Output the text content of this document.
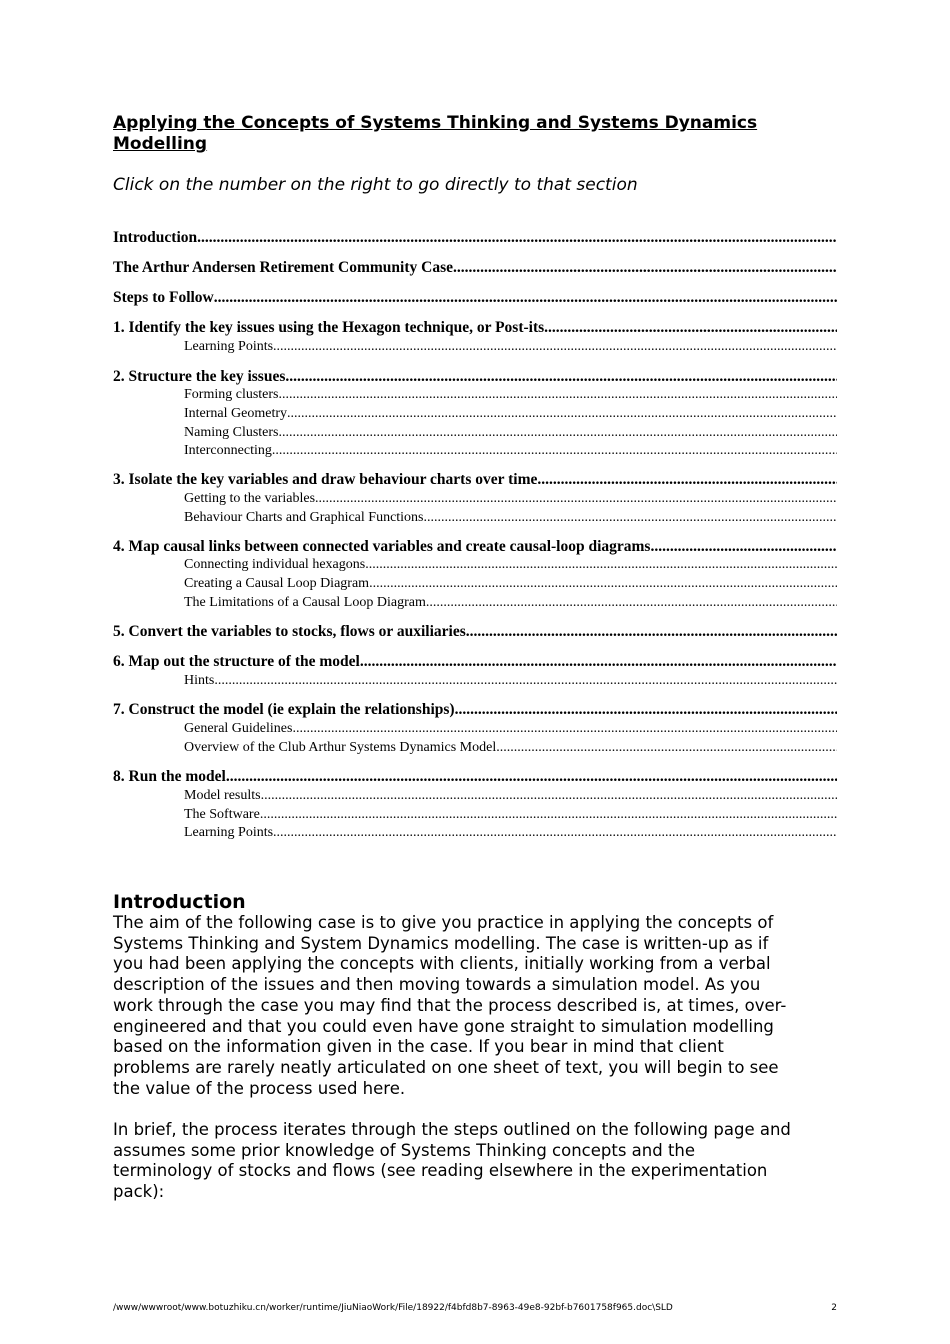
Applying the Concepts of Systems Thinking and Systems Dynamics
Modelling

Click on the number on the right to go directly to that section

Introduction
.....
The Arthur Andersen Retirement Community Case
.....
Steps to Follow
.....
1. Identify the key issues using the Hexagon technique, or Post-its
.....
Learning Points
.....
2. Structure the key issues
.....
Forming clusters
.....
Internal Geometry
.....
Naming Clusters
.....
Interconnecting
.....
3. Isolate the key variables and draw behaviour charts over time
.....
Getting to the variables
.....
Behaviour Charts and Graphical Functions
.....
4. Map causal links between connected variables and create causal-loop diagrams
.....
Connecting individual hexagons
.....
Creating a Causal Loop Diagram
.....
The Limitations of a Causal Loop Diagram
.....
5. Convert the variables to stocks, flows or auxiliaries
.....
6. Map out the structure of the model
.....
Hints
.....
7. Construct the model (ie explain the relationships)
.....
General Guidelines
.....
Overview of the Club Arthur Systems Dynamics Model
.....
8. Run the model
.....
Model results
.....
The Software
.....
Learning Points
.....
Introduction

The aim of the following case is to give you practice in applying the concepts of
Systems Thinking and System Dynamics modelling. The case is written-up as if
you had been applying the concepts with clients, initially working from a verbal
description of the issues and then moving towards a simulation model. As you
work through the case you may find that the process described is, at times, over-
engineered and that you could even have gone straight to simulation modelling
based on the information given in the case. If you bear in mind that client
problems are rarely neatly articulated on one sheet of text, you will begin to see
the value of the process used here.

In brief, the process iterates through the steps outlined on the following page and
assumes some prior knowledge of Systems Thinking concepts and the
terminology of stocks and flows (see reading elsewhere in the experimentation
pack):

/www/wwwroot/www.botuzhiku.cn/worker/runtime/JiuNiaoWork/File/18922/f4bfd8b7-8963-49e8-92bf-b7601758f965.doc\SLD	2
